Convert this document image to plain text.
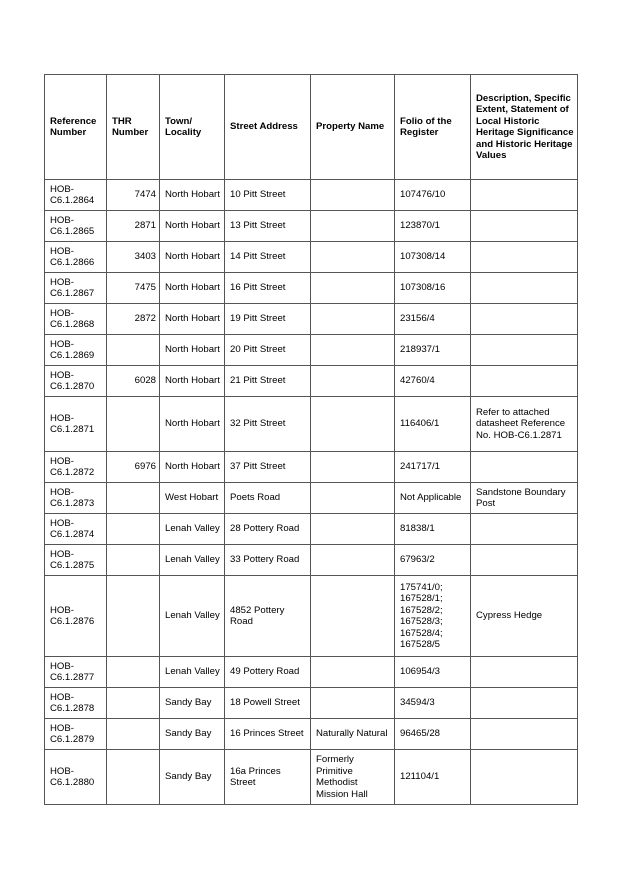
Reference Number	THR Number	Town/ Locality	Street Address	Property Name	Folio of the Register	Description, Specific Extent, Statement of Local Historic Heritage Significance and Historic Heritage Values
HOB-C6.1.2864	7474	North Hobart	10 Pitt Street		107476/10	
HOB-C6.1.2865	2871	North Hobart	13 Pitt Street		123870/1	
HOB-C6.1.2866	3403	North Hobart	14 Pitt Street		107308/14	
HOB-C6.1.2867	7475	North Hobart	16 Pitt Street		107308/16	
HOB-C6.1.2868	2872	North Hobart	19 Pitt Street		23156/4	
HOB-C6.1.2869		North Hobart	20 Pitt Street		218937/1	
HOB-C6.1.2870	6028	North Hobart	21 Pitt Street		42760/4	
HOB-C6.1.2871		North Hobart	32 Pitt Street		116406/1	Refer to attached datasheet Reference No. HOB-C6.1.2871
HOB-C6.1.2872	6976	North Hobart	37 Pitt Street		241717/1	
HOB-C6.1.2873		West Hobart	Poets Road		Not Applicable	Sandstone Boundary Post
HOB-C6.1.2874		Lenah Valley	28 Pottery Road		81838/1	
HOB-C6.1.2875		Lenah Valley	33 Pottery Road		67963/2	
HOB-C6.1.2876		Lenah Valley	4852 Pottery Road		175741/0; 167528/1; 167528/2; 167528/3; 167528/4; 167528/5	Cypress Hedge
HOB-C6.1.2877		Lenah Valley	49 Pottery Road		106954/3	
HOB-C6.1.2878		Sandy Bay	18 Powell Street		34594/3	
HOB-C6.1.2879		Sandy Bay	16 Princes Street	Naturally Natural	96465/28	
HOB-C6.1.2880		Sandy Bay	16a Princes Street	Formerly Primitive Methodist Mission Hall	121104/1	
